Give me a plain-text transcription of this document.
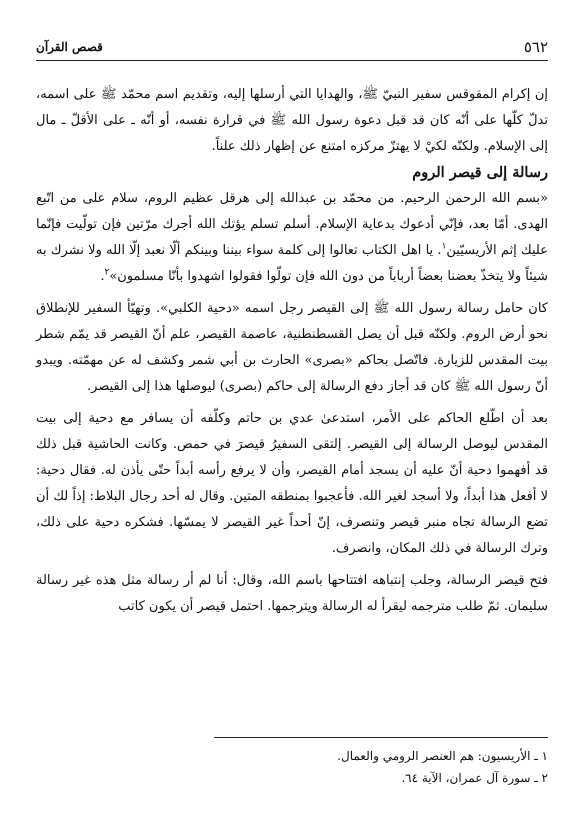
٥٦٢
قصص القرآن

إن إكرام المقوقس سفير النبيّ ﷺ، والهدايا التي أرسلها إليه، وتقديم اسم محمّد ﷺ على اسمه، تدلّ كلّها على أنّه كان قد قبل دعوة رسول الله ﷺ في قرارة نفسه، أو أنّه ـ على الأقلّ ـ مال إلى الإسلام. ولكنّه لكيْ لا يهتزّ مركزه امتنع عن إظهار ذلك علناً.

رسالة إلى قيصر الروم

«بسم الله الرحمن الرحيم. من محمّد بن عبدالله إلى هرقل عظيم الروم، سلام على من اتّبع الهدى. أمّا بعد، فإنّي أدعوك بدعاية الإسلام. أسلم تسلم يؤتك الله أجرك مرّتين فإن تولّيت فإنّما عليك إثم الأريسيّين$^١$. يا اهل الكتاب تعالوا إلى كلمة سواء بيننا وبينكم ألّا نعبد إلّا الله ولا نشرك به شيئاً ولا يتخذّ بعضنا بعضاً أرباباً من دون الله فإن تولّوا فقولوا اشهدوا بأنّا مسلمون»$^٢$.

كان حامل رسالة رسول الله ﷺ إلى القيصر رجل اسمه «دحية الكلبي». وتهيّأ السفير للإنطلاق نحو أرض الروم. ولكنّه قبل أن يصل القسطنطنية، عاصمة القيصر، علم أنّ القيصر قد يمّم شطر بيت المقدس للزيارة. فاتّصل بحاكم «بصرى» الحارث بن أبي شمر وكشف له عن مهمّته. ويبدو أنّ رسول الله ﷺ كان قد أجاز دفع الرسالة إلى حاكم (بصرى) ليوصلها هذا إلى القيصر.

بعد أن اطّلع الحاكم على الأمر، استدعىٰ عدي بن حاتم وكلّفه أن يسافر مع دحية إلى بيت المقدس ليوصل الرسالة إلى القيصر. إلتقى السفيرُ قيصرَ في حمص. وكانت الحاشية قبل ذلك قد أفهموا دحية أنّ عليه أن يسجد أمام القيصر، وأن لا يرفع رأسه أبداً حتّى يأذن له. فقال دحية: لا أفعل هذا أبداً، ولا أسجد لغير الله. فأعجبوا بمنطقه المتين. وقال له أحد رجال البلاط: إذاً لك أن تضع الرسالة تجاه منبر قيصر وتنصرف، إنّ أحداً غير القيصر لا يمسّها. فشكره دحية على ذلك، وترك الرسالة في ذلك المكان، وانصرف.

فتح قيصر الرسالة، وجلب إنتباهه افتتاحها باسم الله، وقال: أنا لم أر رسالة مثل هذه غير رسالة سليمان. ثمّ طلب مترجمه ليقرأ له الرسالة ويترجمها. احتمل قيصر أن يكون كاتب

١ ـ الأريسيون: هم العنصر الرومي والعمال.

٢ ـ سورة آل عمران، الآية ٦٤.
